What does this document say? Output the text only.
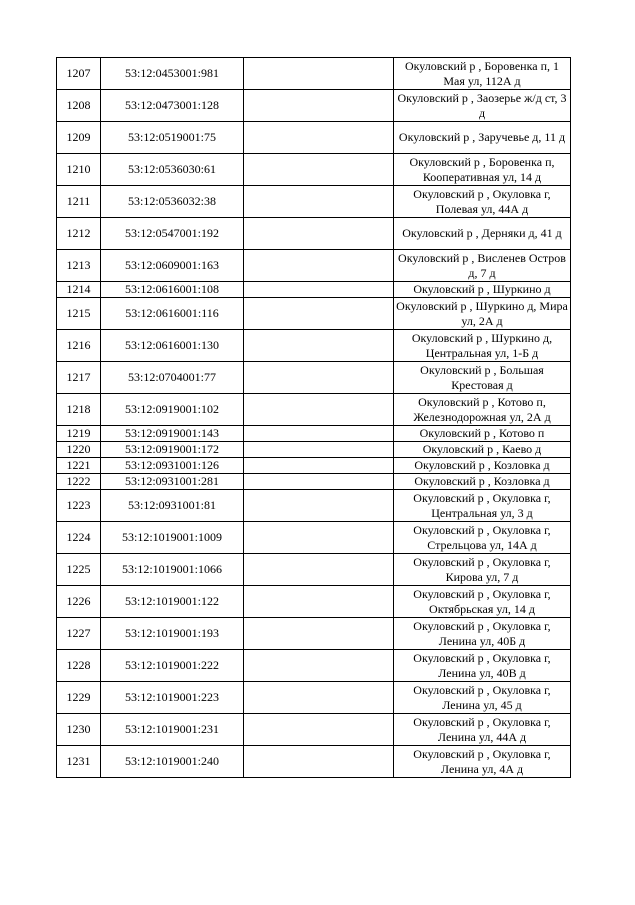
1207	53:12:0453001:981		Окуловский р , Боровенка п, 1 Мая ул, 112А д
1208	53:12:0473001:128		Окуловский р , Заозерье ж/д ст, 3 д
1209	53:12:0519001:75		Окуловский р , Заручевье д, 11 д
1210	53:12:0536030:61		Окуловский р , Боровенка п, Кооперативная ул, 14 д
1211	53:12:0536032:38		Окуловский р , Окуловка г, Полевая ул, 44А д
1212	53:12:0547001:192		Окуловский р , Дерняки д, 41 д
1213	53:12:0609001:163		Окуловский р , Висленев Остров д, 7 д
1214	53:12:0616001:108		Окуловский р , Шуркино д
1215	53:12:0616001:116		Окуловский р , Шуркино д, Мира ул, 2А д
1216	53:12:0616001:130		Окуловский р , Шуркино д, Центральная ул, 1-Б д
1217	53:12:0704001:77		Окуловский р , Большая Крестовая д
1218	53:12:0919001:102		Окуловский р , Котово п, Железнодорожная ул, 2А д
1219	53:12:0919001:143		Окуловский р , Котово п
1220	53:12:0919001:172		Окуловский р , Каево д
1221	53:12:0931001:126		Окуловский р , Козловка д
1222	53:12:0931001:281		Окуловский р , Козловка д
1223	53:12:0931001:81		Окуловский р , Окуловка г, Центральная ул, 3 д
1224	53:12:1019001:1009		Окуловский р , Окуловка г, Стрельцова ул, 14А д
1225	53:12:1019001:1066		Окуловский р , Окуловка г, Кирова ул, 7 д
1226	53:12:1019001:122		Окуловский р , Окуловка г, Октябрьская ул, 14 д
1227	53:12:1019001:193		Окуловский р , Окуловка г, Ленина ул, 40Б д
1228	53:12:1019001:222		Окуловский р , Окуловка г, Ленина ул, 40В д
1229	53:12:1019001:223		Окуловский р , Окуловка г, Ленина ул, 45 д
1230	53:12:1019001:231		Окуловский р , Окуловка г, Ленина ул, 44А д
1231	53:12:1019001:240		Окуловский р , Окуловка г, Ленина ул, 4А д
